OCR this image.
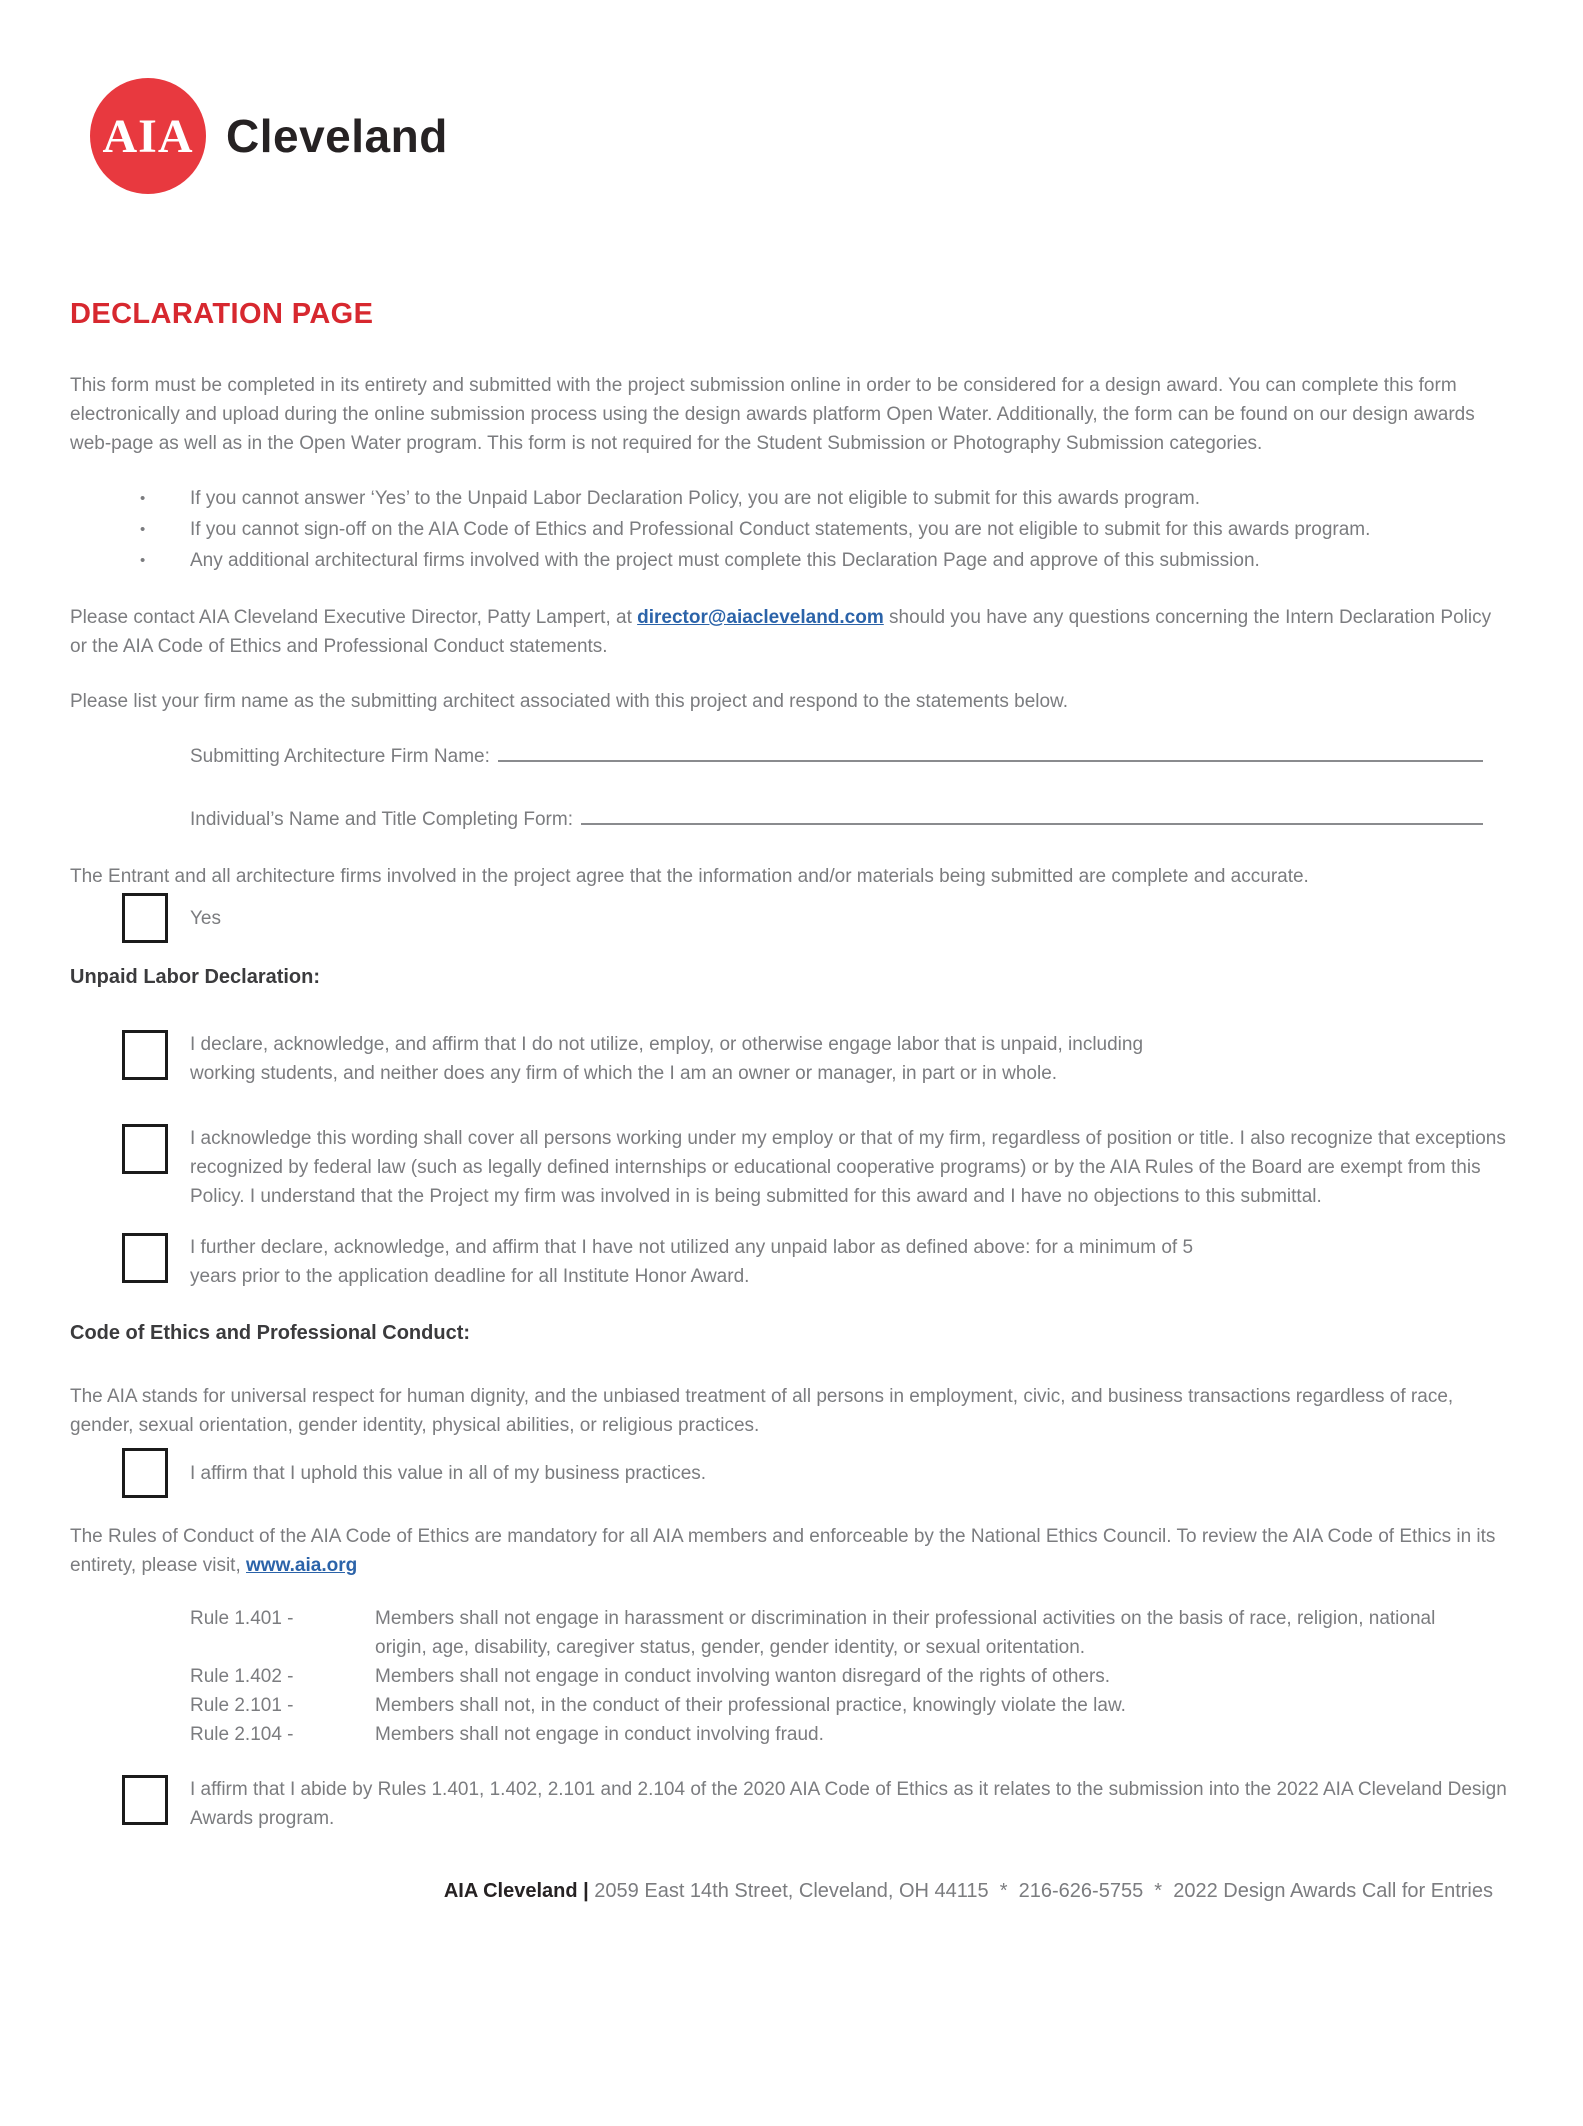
AIA Cleveland
DECLARATION PAGE

This form must be completed in its entirety and submitted with the project submission online in order to be considered for a design award. You can complete this form electronically and upload during the online submission process using the design awards platform Open Water. Additionally, the form can be found on our design awards web-page as well as in the Open Water program. This form is not required for the Student Submission or Photography Submission categories.

•	If you cannot answer ‘Yes’ to the Unpaid Labor Declaration Policy, you are not eligible to submit for this awards program.
•	If you cannot sign-off on the AIA Code of Ethics and Professional Conduct statements, you are not eligible to submit for this awards program.
•	Any additional architectural firms involved with the project must complete this Declaration Page and approve of this submission.

Please contact AIA Cleveland Executive Director, Patty Lampert, at director@aiacleveland.com should you have any questions concerning the Intern Declaration Policy or the AIA Code of Ethics and Professional Conduct statements.

Please list your firm name as the submitting architect associated with this project and respond to the statements below.

Submitting Architecture Firm Name:
Individual’s Name and Title Completing Form:

The Entrant and all architecture firms involved in the project agree that the information and/or materials being submitted are complete and accurate.

Yes
Unpaid Labor Declaration:
I declare, acknowledge, and affirm that I do not utilize, employ, or otherwise engage labor that is unpaid, including working students, and neither does any firm of which the I am an owner or manager, in part or in whole.
I acknowledge this wording shall cover all persons working under my employ or that of my firm, regardless of position or title. I also recognize that exceptions recognized by federal law (such as legally defined internships or educational cooperative programs) or by the AIA Rules of the Board are exempt from this Policy. I understand that the Project my firm was involved in is being submitted for this award and I have no objections to this submittal.
I further declare, acknowledge, and affirm that I have not utilized any unpaid labor as defined above: for a minimum of 5 years prior to the application deadline for all Institute Honor Award.
Code of Ethics and Professional Conduct:

The AIA stands for universal respect for human dignity, and the unbiased treatment of all persons in employment, civic, and business transactions regardless of race, gender, sexual orientation, gender identity, physical abilities, or religious practices.

I affirm that I uphold this value in all of my business practices.

The Rules of Conduct of the AIA Code of Ethics are mandatory for all AIA members and enforceable by the National Ethics Council. To review the AIA Code of Ethics in its entirety, please visit, www.aia.org

Rule 1.401 -	Members shall not engage in harassment or discrimination in their professional activities on the basis of race, religion, national origin, age, disability, caregiver status, gender, gender identity, or sexual oritentation.
Rule 1.402 -	Members shall not engage in conduct involving wanton disregard of the rights of others.
Rule 2.101 -	Members shall not, in the conduct of their professional practice, knowingly violate the law.
Rule 2.104 -	Members shall not engage in conduct involving fraud.
I affirm that I abide by Rules 1.401, 1.402, 2.101 and 2.104 of the 2020 AIA Code of Ethics as it relates to the submission into the 2022 AIA Cleveland Design Awards program.
AIA Cleveland | 2059 East 14th Street, Cleveland, OH 44115  *  216-626-5755  *  2022 Design Awards Call for Entries
